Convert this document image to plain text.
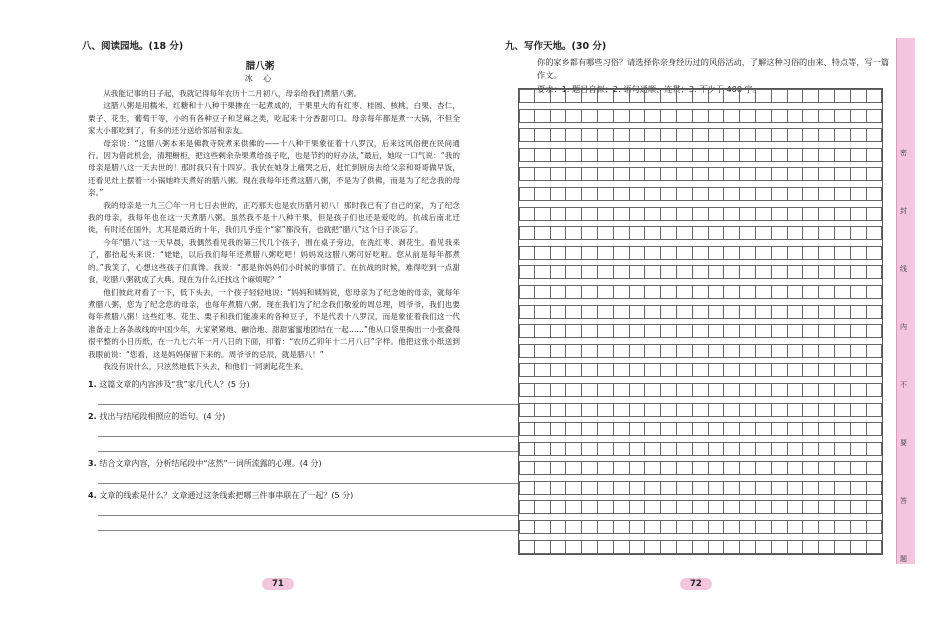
八、阅读园地。(18 分)
腊八粥
冰 心

从我能记事的日子起，我就记得每年农历十二月初八，母亲给我们煮腊八粥。

这腊八粥是用糯米，红糖和十八种干果掺在一起煮成的，干果里大的有红枣、桂圆、核桃，白果、杏仁，栗子、花生，葡萄干等，小的有各种豆子和芝麻之类，吃起来十分香甜可口。母亲每年都是煮一大锅，不但全家大小都吃到了，有多的还分送给邻居和亲友。

母亲说：“这腊八粥本来是佛教寺院煮来供佛的——十八种干果象征着十八罗汉，后来这风俗便在民间通行。因为借此机会，清理橱柜，把这些剩余杂果煮给孩子吃，也是节约的好办法，”最后，她叹一口气说：“我的母亲是腊八这一天去世的！那时我只有十四岁。我伏在她身上痛哭之后，赶忙到厨房去给父亲和哥哥做早饭，还看见灶上摆着一小锅她昨天煮好的腊八粥。现在我每年还煮这腊八粥，不是为了供佛，而是为了纪念我的母亲。”

我的母亲是一九三〇年一月七日去世的，正巧那天也是农历腊月初八！那时我已有了自己的家，为了纪念我的母亲，我每年也在这一天煮腊八粥。虽然我不是十八种干果，但是孩子们也还是爱吃的。抗战后南北迁徙，有时还在国外，尤其是最近的十年，我们几乎连个“家”都没有，也就把“腊八”这个日子淡忘了。

今年“腊八”这一天早晨，我偶然看见我的第三代几个孩子，围在桌子旁边，在洗红枣、剥花生。看见我来了，都抬起头来说：“姥姥，以后我们每年还煮腊八粥吃吧！妈妈说这腊八粥可好吃啦。您从前是每年都煮的。”我笑了，心想这些孩子们真馋。我说：“那是你妈妈们小时候的事情了。在抗战的时候，难得吃到一点甜食，吃腊八粥就成了大典。现在为什么还找这个麻烦呢？”

他们彼此对看了一下，低下头去，一个孩子轻轻地说：“妈妈和姨妈说，您母亲为了纪念她的母亲，就每年煮腊八粥，您为了纪念您的母亲，也每年煮腊八粥。现在我们为了纪念我们敬爱的周总理，周爷爷，我们也要每年煮腊八粥！这些红枣、花生、栗子和我们能凑来的各种豆子，不是代表十八罗汉，而是象征着我们这一代准备走上各条战线的中国少年，大家紧紧地、融洽地、甜甜蜜蜜地团结在一起……”他从口袋里掏出一小张叠得很平整的小日历纸，在一九七六年一月八日的下面，印着：“农历乙卯年十二月八日”字样。他把这张小纸送到我眼前说：“您看，这是妈妈保留下来的。周爷爷的忌辰，就是腊八！”

我没有说什么，只泫然地低下头去，和他们一同剥起花生来。

1. 这篇文章的内容涉及“我”家几代人？(5 分)
2. 找出与结尾段相照应的语句。(4 分)
3. 结合文章内容，分析结尾段中“泫然”一词所流露的心理。(4 分)
4. 文章的线索是什么？文章通过这条线索把哪三件事串联在了一起？(5 分)
71
九、写作天地。(30 分)

你的家乡都有哪些习俗？请选择你亲身经历过的风俗活动，了解这种习俗的由来、特点等，写一篇作文。

要求：1. 题目自拟；2. 语句通顺、连贯；3. 不少于 400 字。
72
密
封
线
内
不
要
答
题
